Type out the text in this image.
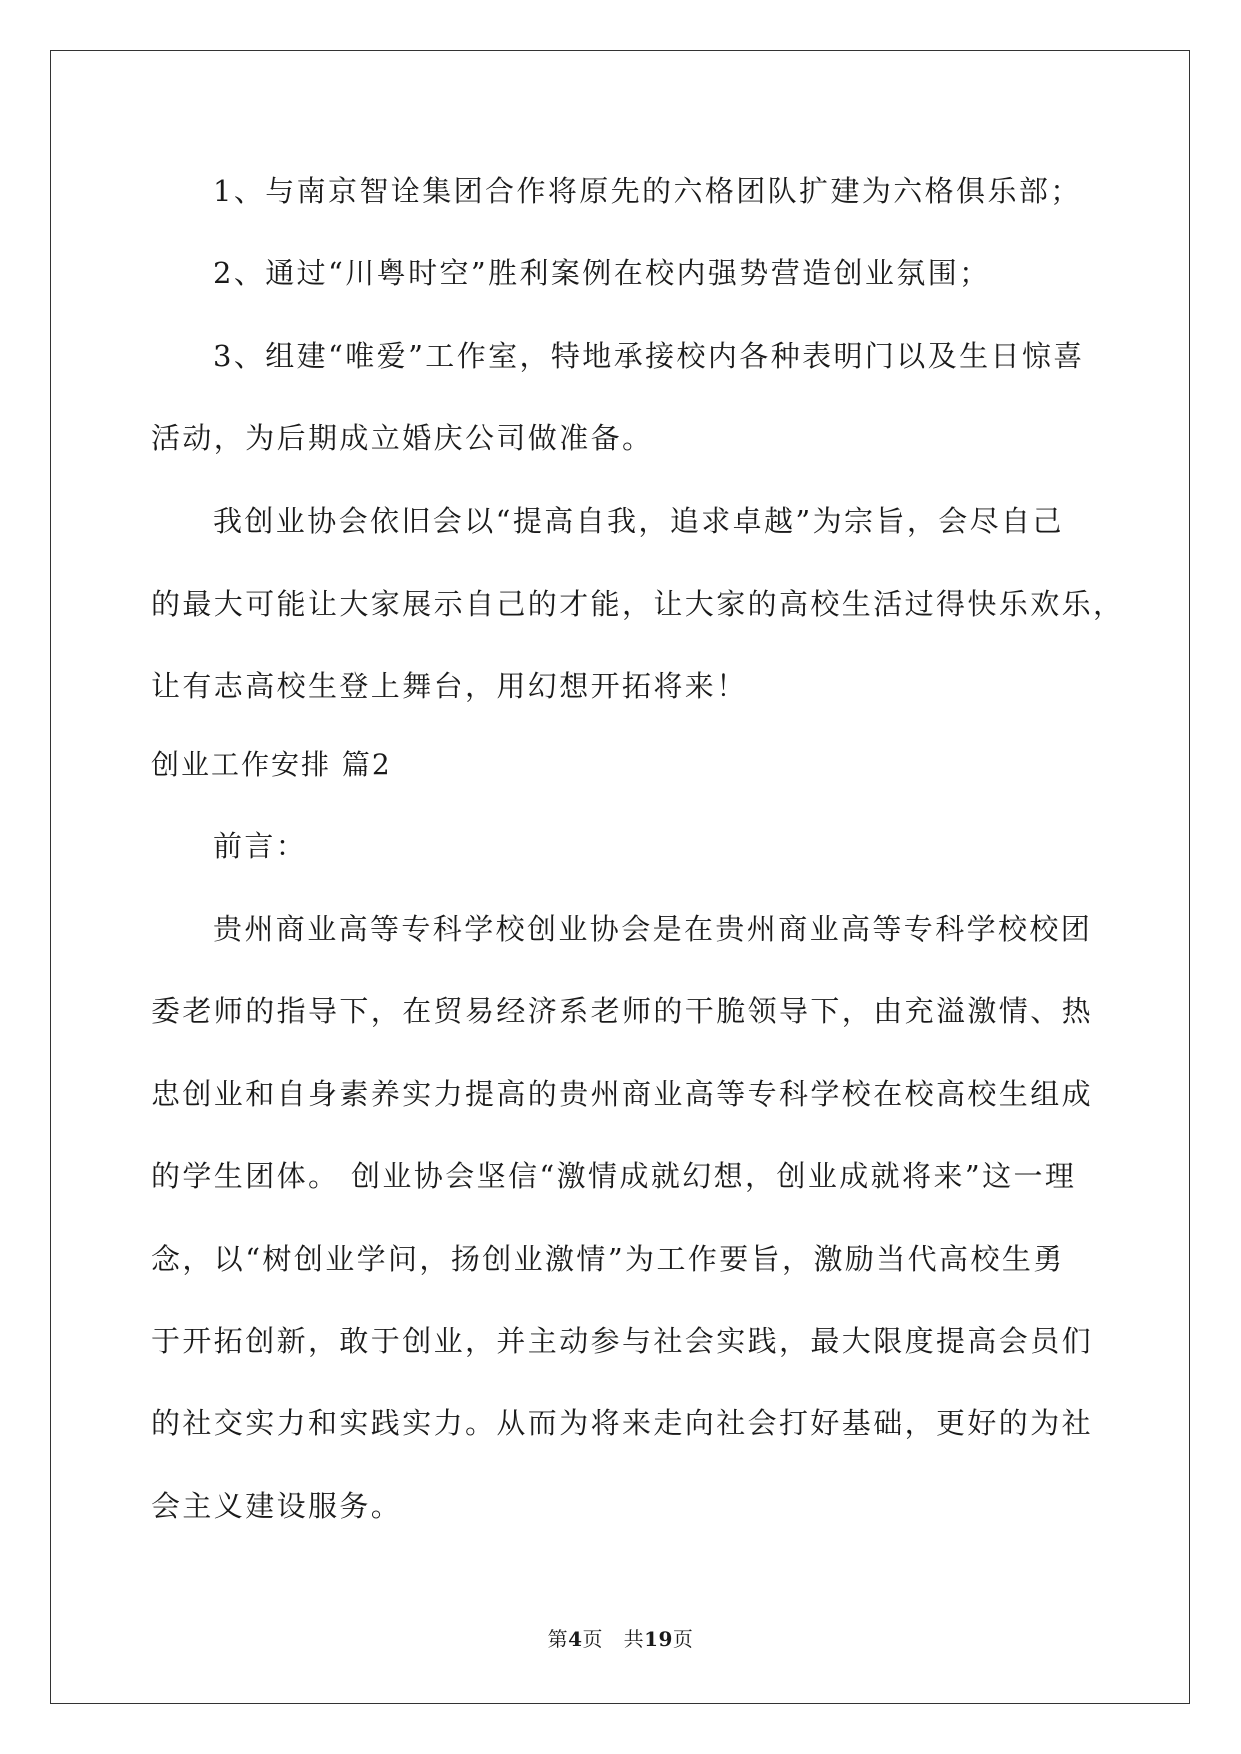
1、与南京智诠集团合作将原先的六格团队扩建为六格俱乐部；
2、通过“川粤时空”胜利案例在校内强势营造创业氛围；
3、组建“唯爱”工作室，特地承接校内各种表明门以及生日惊喜
活动，为后期成立婚庆公司做准备。
我创业协会依旧会以“提高自我，追求卓越”为宗旨，会尽自己
的最大可能让大家展示自己的才能，让大家的高校生活过得快乐欢乐，
让有志高校生登上舞台，用幻想开拓将来！
创业工作安排 篇2
前言：
贵州商业高等专科学校创业协会是在贵州商业高等专科学校校团
委老师的指导下，在贸易经济系老师的干脆领导下，由充溢激情、热
忠创业和自身素养实力提高的贵州商业高等专科学校在校高校生组成
的学生团体。 创业协会坚信“激情成就幻想，创业成就将来”这一理
念，以“树创业学问，扬创业激情”为工作要旨，激励当代高校生勇
于开拓创新，敢于创业，并主动参与社会实践，最大限度提高会员们
的社交实力和实践实力。从而为将来走向社会打好基础，更好的为社
会主义建设服务。
第4页 共19页
